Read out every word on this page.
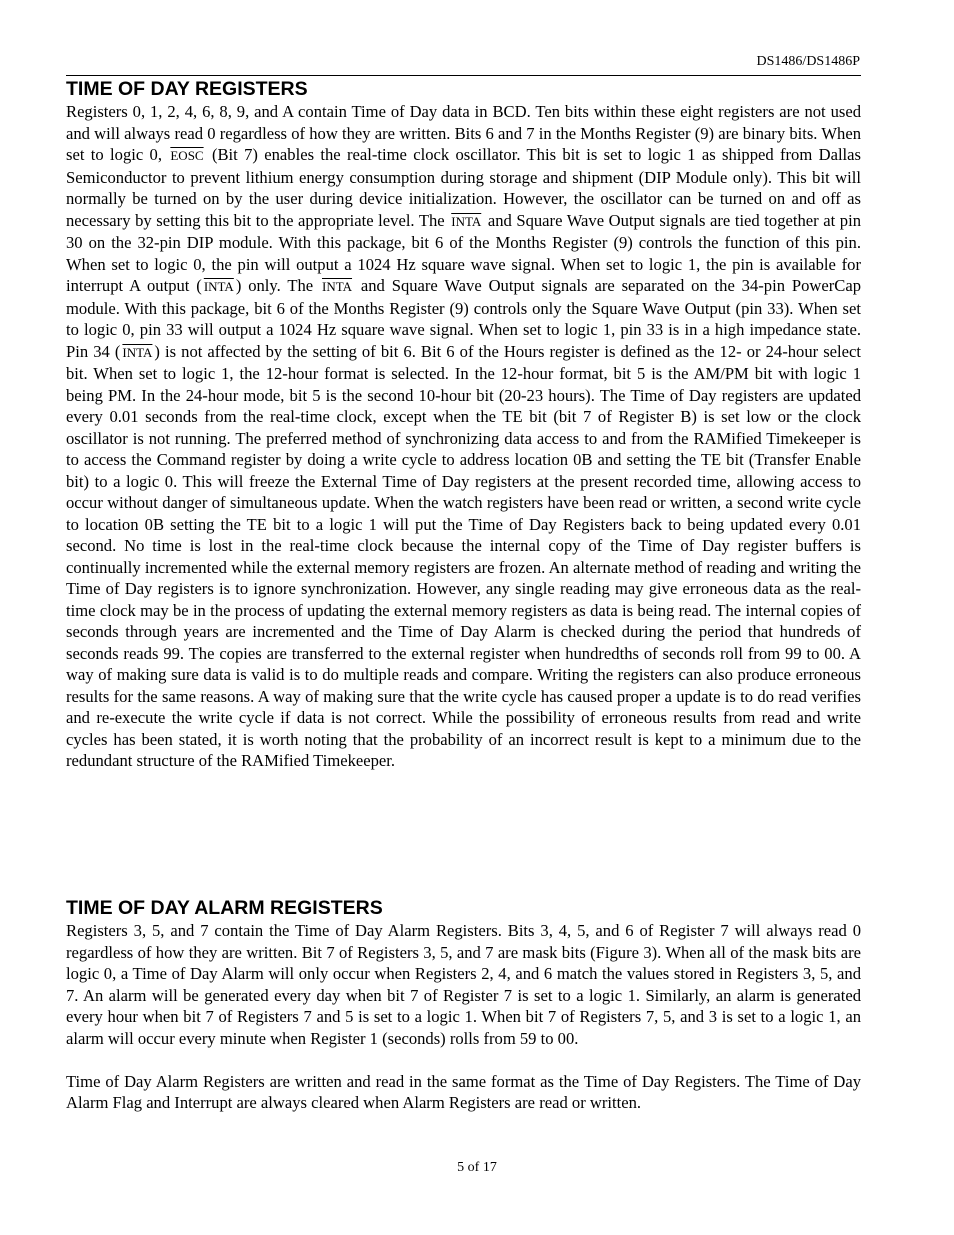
DS1486/DS1486P
TIME OF DAY REGISTERS

Registers 0, 1, 2, 4, 6, 8, 9, and A contain Time of Day data in BCD. Ten bits within these eight registers are not used and will always read 0 regardless of how they are written. Bits 6 and 7 in the Months Register (9) are binary bits. When set to logic 0, EOSC (Bit 7) enables the real-time clock oscillator. This bit is set to logic 1 as shipped from Dallas Semiconductor to prevent lithium energy consumption during storage and shipment (DIP Module only). This bit will normally be turned on by the user during device initialization. However, the oscillator can be turned on and off as necessary by setting this bit to the appropriate level. The INTA and Square Wave Output signals are tied together at pin 30 on the 32-pin DIP module. With this package, bit 6 of the Months Register (9) controls the function of this pin. When set to logic 0, the pin will output a 1024 Hz square wave signal. When set to logic 1, the pin is available for interrupt A output ( INTA ) only. The INTA and Square Wave Output signals are separated on the 34-pin PowerCap module. With this package, bit 6 of the Months Register (9) controls only the Square Wave Output (pin 33). When set to logic 0, pin 33 will output a 1024 Hz square wave signal. When set to logic 1, pin 33 is in a high impedance state. Pin 34 ( INTA ) is not affected by the setting of bit 6. Bit 6 of the Hours register is defined as the 12- or 24-hour select bit. When set to logic 1, the 12-hour format is selected. In the 12-hour format, bit 5 is the AM/PM bit with logic 1 being PM. In the 24-hour mode, bit 5 is the second 10-hour bit (20-23 hours). The Time of Day registers are updated every 0.01 seconds from the real-time clock, except when the TE bit (bit 7 of Register B) is set low or the clock oscillator is not running. The preferred method of synchronizing data access to and from the RAMified Timekeeper is to access the Command register by doing a write cycle to address location 0B and setting the TE bit (Transfer Enable bit) to a logic 0. This will freeze the External Time of Day registers at the present recorded time, allowing access to occur without danger of simultaneous update. When the watch registers have been read or written, a second write cycle to location 0B setting the TE bit to a logic 1 will put the Time of Day Registers back to being updated every 0.01 second. No time is lost in the real-time clock because the internal copy of the Time of Day register buffers is continually incremented while the external memory registers are frozen. An alternate method of reading and writing the Time of Day registers is to ignore synchronization. However, any single reading may give erroneous data as the real-time clock may be in the process of updating the external memory registers as data is being read. The internal copies of seconds through years are incremented and the Time of Day Alarm is checked during the period that hundreds of seconds reads 99. The copies are transferred to the external register when hundredths of seconds roll from 99 to 00. A way of making sure data is valid is to do multiple reads and compare. Writing the registers can also produce erroneous results for the same reasons. A way of making sure that the write cycle has caused proper a update is to do read verifies and re-execute the write cycle if data is not correct. While the possibility of erroneous results from read and write cycles has been stated, it is worth noting that the probability of an incorrect result is kept to a minimum due to the redundant structure of the RAMified Timekeeper.

TIME OF DAY ALARM REGISTERS

Registers 3, 5, and 7 contain the Time of Day Alarm Registers. Bits 3, 4, 5, and 6 of Register 7 will always read 0 regardless of how they are written. Bit 7 of Registers 3, 5, and 7 are mask bits (Figure 3). When all of the mask bits are logic 0, a Time of Day Alarm will only occur when Registers 2, 4, and 6 match the values stored in Registers 3, 5, and 7. An alarm will be generated every day when bit 7 of Register 7 is set to a logic 1. Similarly, an alarm is generated every hour when bit 7 of Registers 7 and 5 is set to a logic 1. When bit 7 of Registers 7, 5, and 3 is set to a logic 1, an alarm will occur every minute when Register 1 (seconds) rolls from 59 to 00.

Time of Day Alarm Registers are written and read in the same format as the Time of Day Registers. The Time of Day Alarm Flag and Interrupt are always cleared when Alarm Registers are read or written.

5 of 17
